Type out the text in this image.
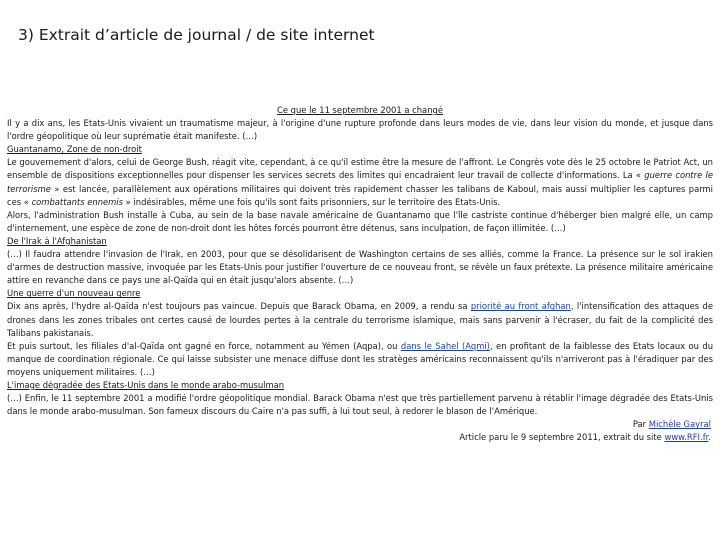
3) Extrait d’article de journal / de site internet

Ce que le 11 septembre 2001 a changé

Il y a dix ans, les Etats-Unis vivaient un traumatisme majeur, à l'origine d'une rupture profonde dans leurs modes de vie, dans leur vision du monde, et jusque dans l'ordre géopolitique où leur suprématie était manifeste. (…)

Guantanamo, Zone de non-droit

Le gouvernement d'alors, celui de George Bush, réagit vite, cependant, à ce qu'il estime être la mesure de l'affront. Le Congrès vote dès le 25 octobre le Patriot Act, un ensemble de dispositions exceptionnelles pour dispenser les services secrets des limites qui encadraient leur travail de collecte d'informations. La « guerre contre le terrorisme » est lancée, parallèlement aux opérations militaires qui doivent très rapidement chasser les talibans de Kaboul, mais aussi multiplier les captures parmi ces « combattants ennemis » indésirables, même une fois qu'ils sont faits prisonniers, sur le territoire des Etats-Unis.

Alors, l'administration Bush installe à Cuba, au sein de la base navale américaine de Guantanamo que l'île castriste continue d'héberger bien malgré elle, un camp d'internement, une espèce de zone de non-droit dont les hôtes forcés pourront être détenus, sans inculpation, de façon illimitée. (…)

De l'Irak à l'Afghanistan

(…) Il faudra attendre l'invasion de l'Irak, en 2003, pour que se désolidarisent de Washington certains de ses alliés, comme la France. La présence sur le sol irakien d'armes de destruction massive, invoquée par les Etats-Unis pour justifier l'ouverture de ce nouveau front, se révèle un faux prétexte. La présence militaire américaine attire en revanche dans ce pays une al-Qaïda qui en était jusqu'alors absente. (…)

Une guerre d'un nouveau genre

Dix ans après, l'hydre al-Qaïda n'est toujours pas vaincue. Depuis que Barack Obama, en 2009, a rendu sa priorité au front afghan, l'intensification des attaques de drones dans les zones tribales ont certes causé de lourdes pertes à la centrale du terrorisme islamique, mais sans parvenir à l'écraser, du fait de la complicité des Talibans pakistanais.

Et puis surtout, les filiales d'al-Qaïda ont gagné en force, notamment au Yémen (Aqpa), ou dans le Sahel (Aqmi), en profitant de la faiblesse des Etats locaux ou du manque de coordination régionale. Ce qui laisse subsister une menace diffuse dont les stratèges américains reconnaissent qu'ils n'arriveront pas à l'éradiquer par des moyens uniquement militaires. (…)

L'image dégradée des Etats-Unis dans le monde arabo-musulman

(…) Enfin, le 11 septembre 2001 a modifié l'ordre géopolitique mondial. Barack Obama n'est que très partiellement parvenu à rétablir l'image dégradée des Etats-Unis dans le monde arabo-musulman. Son fameux discours du Caire n'a pas suffi, à lui tout seul, à redorer le blason de l'Amérique.

Par Michèle Gayral

Article paru le 9 septembre 2011, extrait du site www.RFI.fr.
